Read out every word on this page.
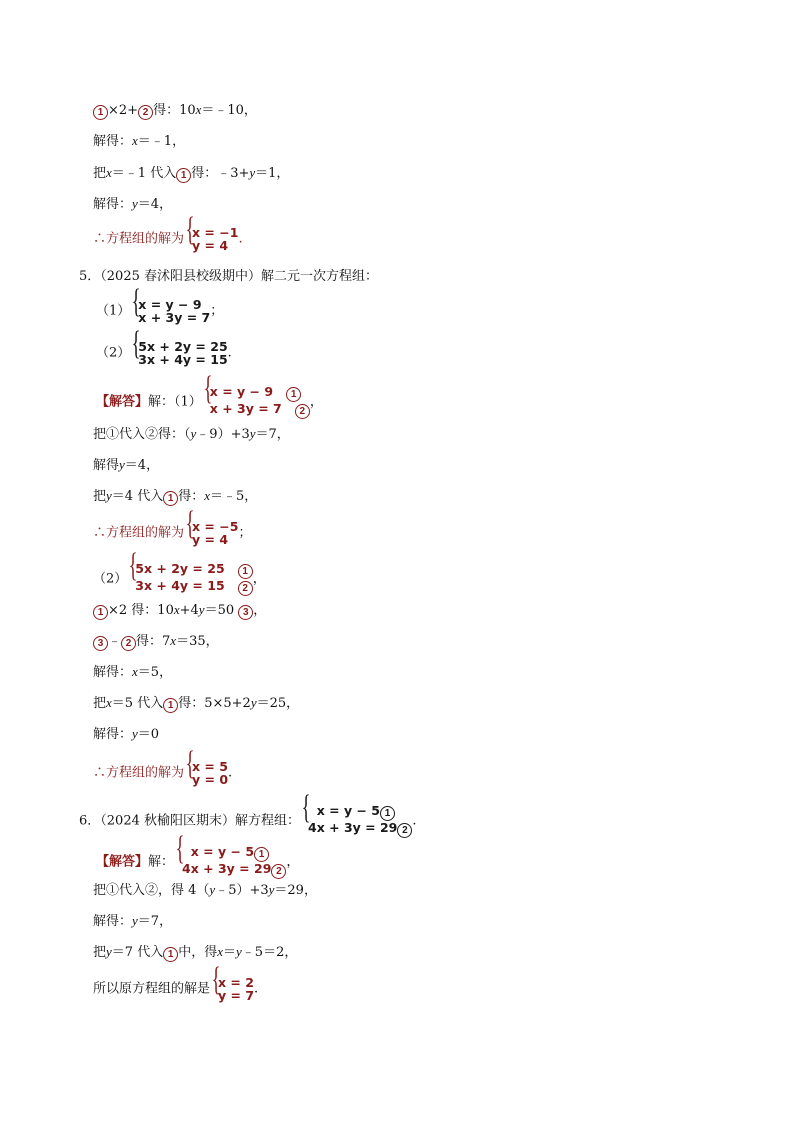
1 ×2+ 2 得：10x＝﹣10，
解得：x＝﹣1，
把x＝﹣1 代入 1 得：﹣3+y＝1，
解得：y＝4，
∴方程组的解为 { x = −1
y = 4 .
5．（2025 春沭阳县校级期中）解二元一次方程组：
（1） { x = y − 9
x + 3y = 7 ；
（2） { 5x + 2y = 25
3x + 4y = 15 .
【解答】解：（1）
{ x = y − 9 1
x + 3y = 7 2
，
把①代入②得：（y﹣9）+3y＝7，
解得y＝4，
把y＝4 代入 1 得：x＝﹣5，
∴方程组的解为 { x = −5
y = 4 ；
（2）
{ 5x + 2y = 25 1
3x + 4y = 15 2
，
1 ×2 得：10x+4y＝50 3 ，
3 ﹣ 2 得：7x＝35，
解得：x＝5，
把x＝5 代入 1 得：5×5+2y＝25，
解得：y＝0
∴方程组的解为 { x = 5
y = 0 .
6．（2024 秋榆阳区期末）解方程组：
{ x = y − 5 1
4x + 3y = 29 2
.
【解答】解：
{ x = y − 5 1
4x + 3y = 29 2
，
把①代入②，得 4（y﹣5）+3y＝29，
解得：y＝7，
把y＝7 代入 1 中，得x＝y﹣5＝2，
所以原方程组的解是 { x = 2
y = 7 .
